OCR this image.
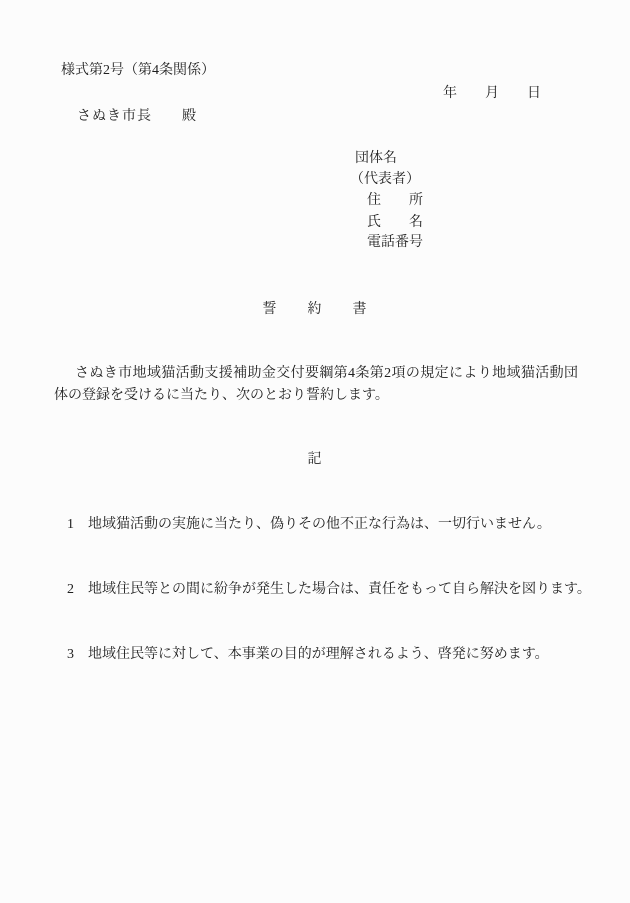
様式第2号（第4条関係）
年　　月　　日
さぬき市長　　殿
団体名
（代表者）
住　　所
氏　　名
電話番号
誓　　約　　書
さぬき市地域猫活動支援補助金交付要綱第4条第2項の規定により地域猫活動団体の登録を受けるに当たり、次のとおり誓約します。
記
1 地域猫活動の実施に当たり、偽りその他不正な行為は、一切行いません。
2 地域住民等との間に紛争が発生した場合は、責任をもって自ら解決を図ります。
3 地域住民等に対して、本事業の目的が理解されるよう、啓発に努めます。
